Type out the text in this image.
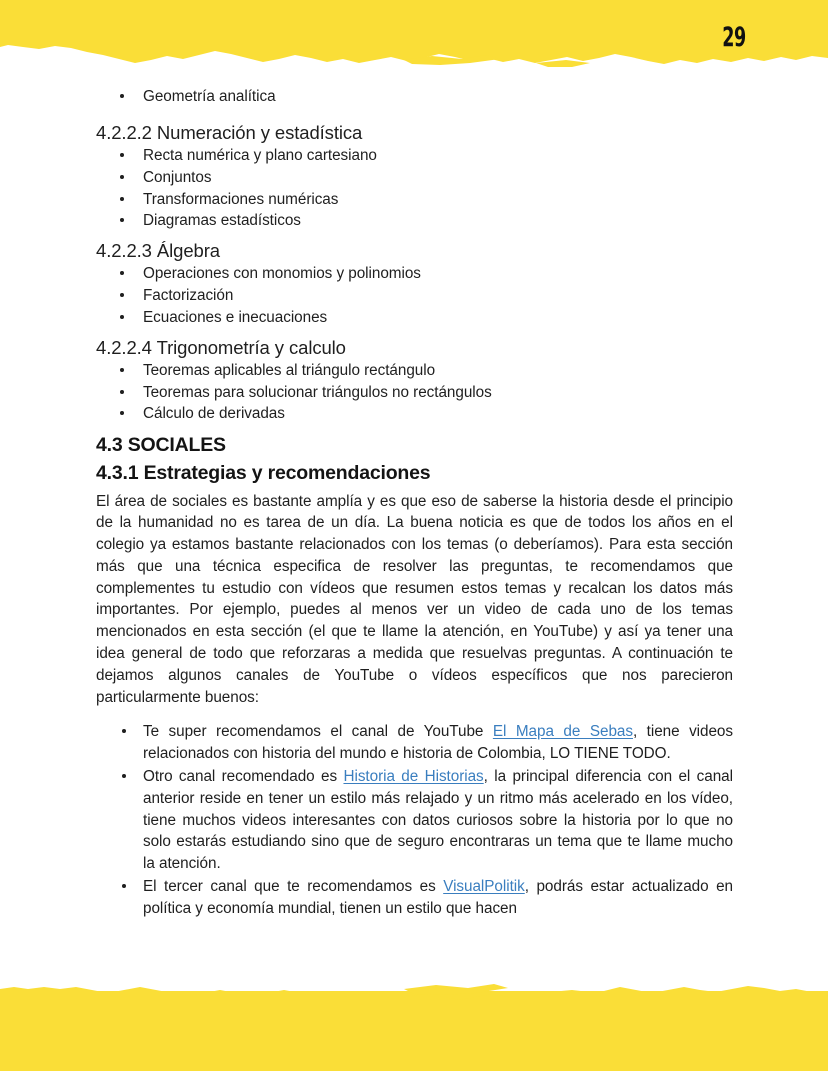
29
Geometría analítica
4.2.2.2 Numeración y estadística
Recta numérica y plano cartesiano
Conjuntos
Transformaciones numéricas
Diagramas estadísticos
4.2.2.3 Álgebra
Operaciones con monomios y polinomios
Factorización
Ecuaciones e inecuaciones
4.2.2.4 Trigonometría y calculo
Teoremas aplicables al triángulo rectángulo
Teoremas para solucionar triángulos no rectángulos
Cálculo de derivadas
4.3 SOCIALES
4.3.1 Estrategias y recomendaciones

El área de sociales es bastante amplía y es que eso de saberse la historia desde el principio de la humanidad no es tarea de un día. La buena noticia es que de todos los años en el colegio ya estamos bastante relacionados con los temas (o deberíamos). Para esta sección más que una técnica especifica de resolver las preguntas, te recomendamos que complementes tu estudio con vídeos que resumen estos temas y recalcan los datos más importantes. Por ejemplo, puedes al menos ver un video de cada uno de los temas mencionados en esta sección (el que te llame la atención, en YouTube) y así ya tener una idea general de todo que reforzaras a medida que resuelvas preguntas. A continuación te dejamos algunos canales de YouTube o vídeos específicos que nos parecieron particularmente buenos:

Te super recomendamos el canal de YouTube El Mapa de Sebas, tiene videos relacionados con historia del mundo e historia de Colombia, LO TIENE TODO.
Otro canal recomendado es Historia de Historias, la principal diferencia con el canal anterior reside en tener un estilo más relajado y un ritmo más acelerado en los vídeo, tiene muchos videos interesantes con datos curiosos sobre la historia por lo que no solo estarás estudiando sino que de seguro encontraras un tema que te llame mucho la atención.
El tercer canal que te recomendamos es VisualPolitik, podrás estar actualizado en política y economía mundial, tienen un estilo que hacen
